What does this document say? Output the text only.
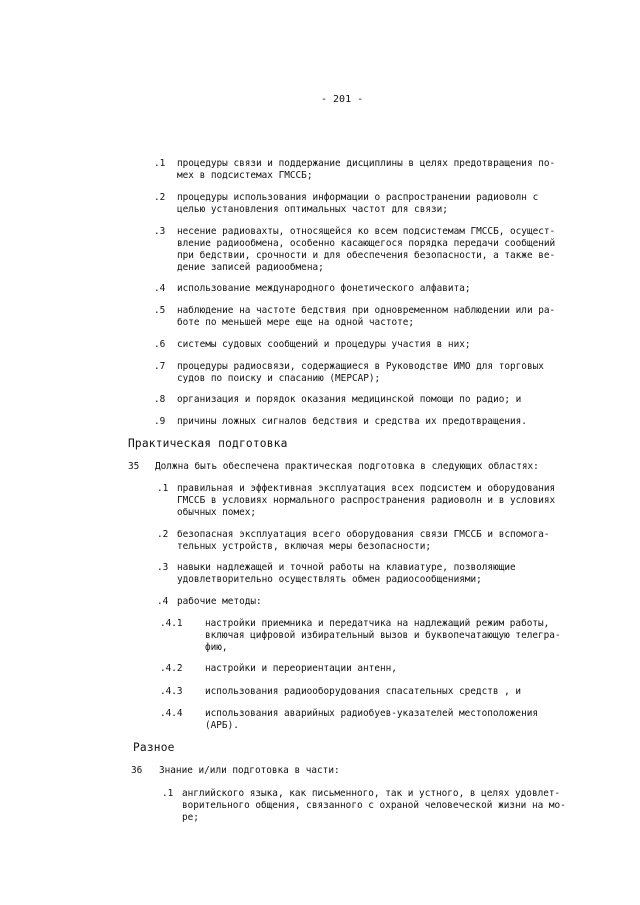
- 201 -
.1 процедуры связи и поддержание дисциплины в целях предотвращения по-
мех в подсистемах ГМССБ;
.2 процедуры использования информации о распространении радиоволн с
целью установления оптимальных частот для связи;
.3 несение радиовахты, относящейся ко всем подсистемам ГМССБ, осущест-
вление радиообмена, особенно касающегося порядка передачи сообщений
при бедствии, срочности и для обеспечения безопасности, а также ве-
дение записей радиообмена;
.4 использование международного фонетического алфавита;
.5 наблюдение на частоте бедствия при одновременном наблюдении или ра-
боте по меньшей мере еще на одной частоте;
.6 системы судовых сообщений и процедуры участия в них;
.7 процедуры радиосвязи, содержащиеся в Руководстве ИМО для торговых
судов по поиску и спасанию (МЕРСАР);
.8 организация и порядок оказания медицинской помощи по радио; и
.9 причины ложных сигналов бедствия и средства их предотвращения.
Практическая подготовка
35 Должна быть обеспечена практическая подготовка в следующих областях:
.1 правильная и эффективная эксплуатация всех подсистем и оборудования
ГМССБ в условиях нормального распространения радиоволн и в условиях
обычных помех;
.2 безопасная эксплуатация всего оборудования связи ГМССБ и вспомога-
тельных устройств, включая меры безопасности;
.3 навыки надлежащей и точной работы на клавиатуре, позволяющие
удовлетворительно осуществлять обмен радиосообщениями;
.4 рабочие методы:
.4.1 настройки приемника и передатчика на надлежащий режим работы,
включая цифровой избирательный вызов и буквопечатающую телегра-
фию,
.4.2 настройки и переориентации антенн,
.4.3 использования радиооборудования спасательных средств , и
.4.4 использования аварийных радиобуев-указателей местоположения
(АРБ).
Разное
36 Знание и/или подготовка в части:
.1 английского языка, как письменного, так и устного, в целях удовлет-
ворительного общения, связанного с охраной человеческой жизни на мо-
ре;
